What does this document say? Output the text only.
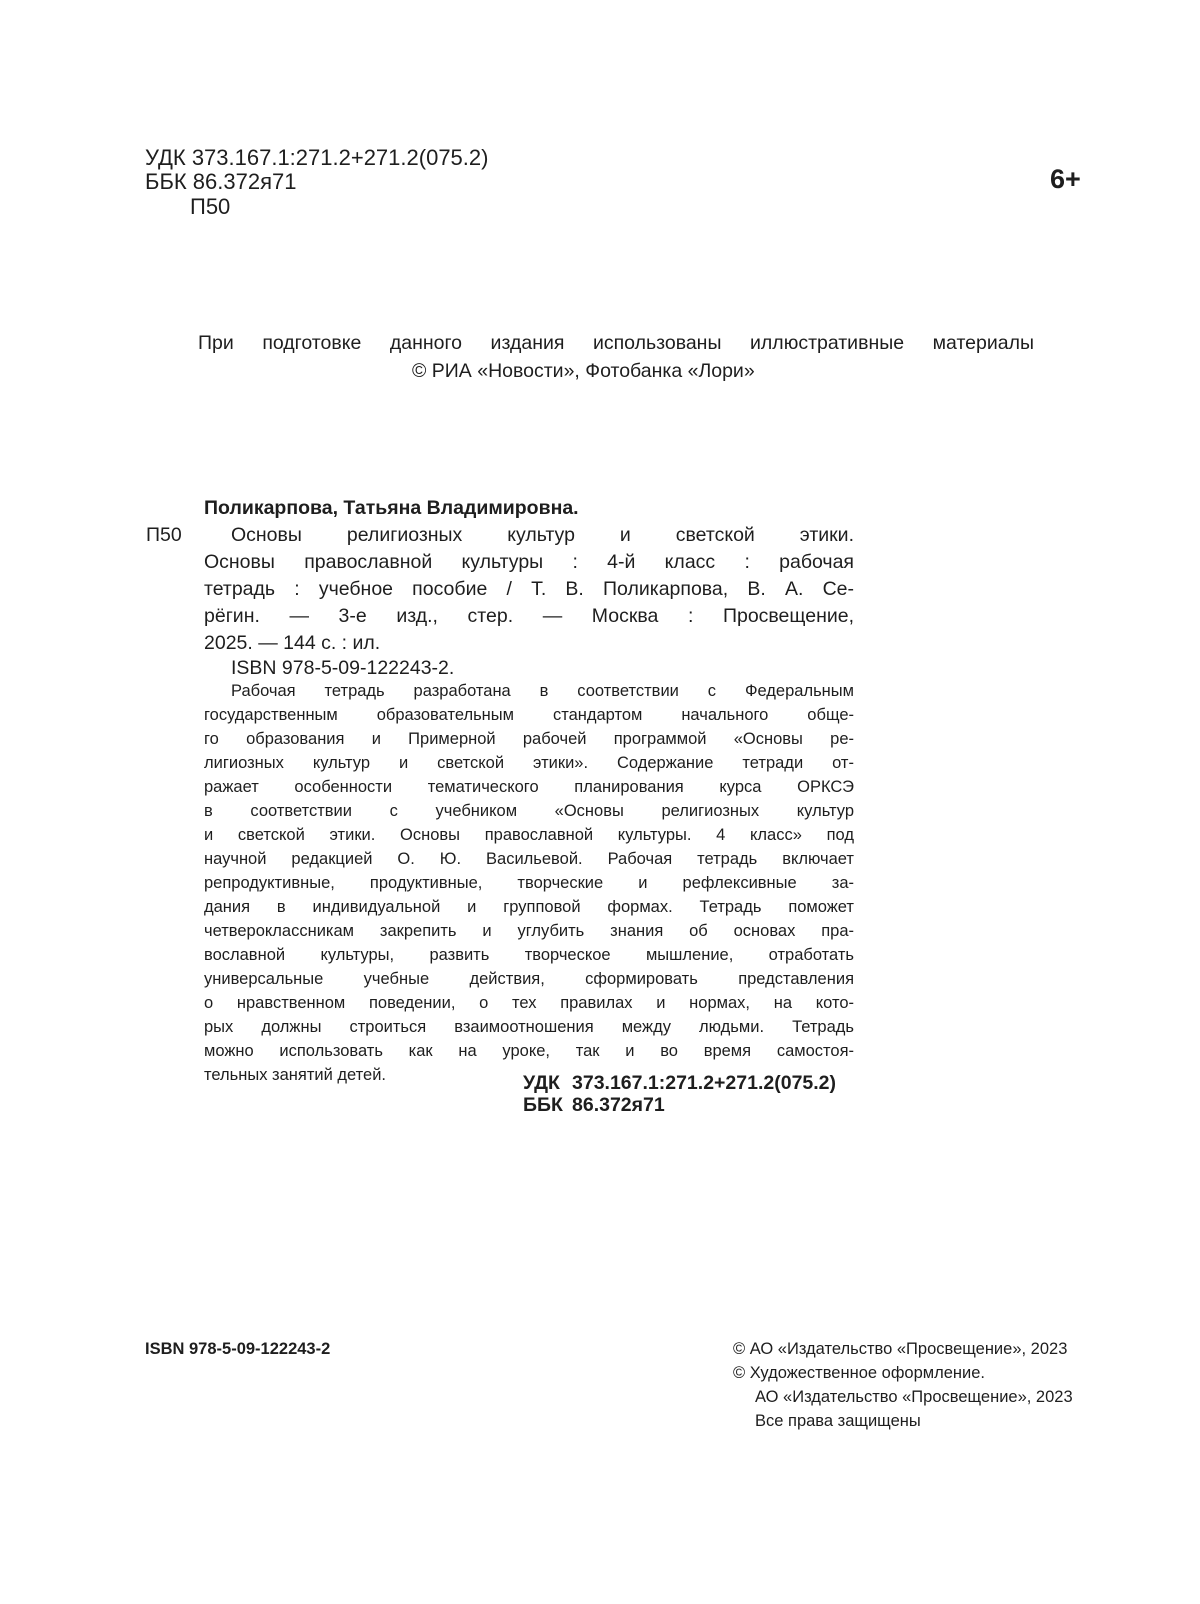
УДК 373.167.1:271.2+271.2(075.2)
ББК 86.372я71
П50
6+
При подготовке данного издания использованы иллюстративные материалы
© РИА «Новости», Фотобанка «Лори»
Поликарпова, Татьяна Владимировна.
П50	Основы религиозных культур и светской этики.
Основы православной культуры : 4-й класс : рабочая
тетрадь : учебное пособие / Т. В. Поликарпова, В. А. Се-
рёгин. — 3-е изд., стер. — Москва : Просвещение,
2025. — 144 с. : ил.
ISBN 978-5-09-122243-2.
Рабочая тетрадь разработана в соответствии с Федеральным
государственным образовательным стандартом начального обще-
го образования и Примерной рабочей программой «Основы ре-
лигиозных культур и светской этики». Содержание тетради от-
ражает особенности тематического планирования курса ОРКСЭ
в соответствии с учебником «Основы религиозных культур
и светской этики. Основы православной культуры. 4 класс» под
научной редакцией О. Ю. Васильевой. Рабочая тетрадь включает
репродуктивные, продуктивные, творческие и рефлексивные за-
дания в индивидуальной и групповой формах. Тетрадь поможет
четвероклассникам закрепить и углубить знания об основах пра-
вославной культуры, развить творческое мышление, отработать
универсальные учебные действия, сформировать представления
о нравственном поведении, о тех правилах и нормах, на кото-
рых должны строиться взаимоотношения между людьми. Тетрадь
можно использовать как на уроке, так и во время самостоя-
тельных занятий детей.	УДК 373.167.1:271.2+271.2(075.2)
ББК 86.372я71
ISBN 978-5-09-122243-2	© АО «Издательство «Просвещение», 2023
© Художественное оформление.
АО «Издательство «Просвещение», 2023
Все права защищены
